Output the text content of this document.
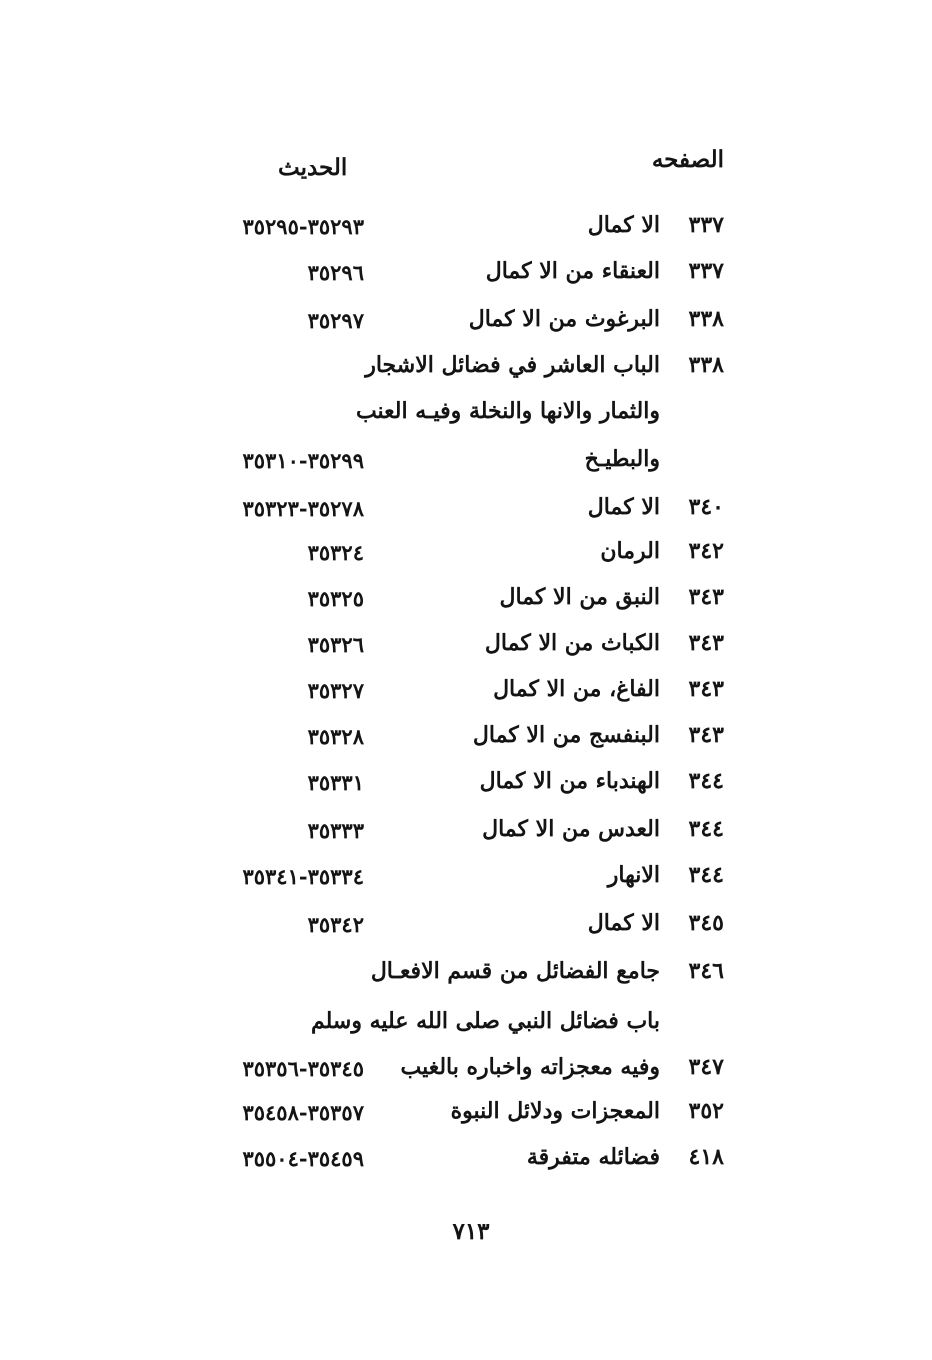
الصفحه
الحديث
٣٣٧
الا كمال
٣٥٢٩٣-٣٥٢٩٥
٣٣٧
العنقاء من الا كمال
٣٥٢٩٦
٣٣٨
البرغوث من الا كمال
٣٥٢٩٧
٣٣٨
الباب العاشر في فضائل الاشجار
والثمار والانها والنخلة وفيـه العنب
والبطيـخ
٣٥٢٩٩-٣٥٣١٠
٣٤٠
الا كمال
٣٥٢٧٨-٣٥٣٢٣
٣٤٢
الرمان
٣٥٣٢٤
٣٤٣
النبق من الا كمال
٣٥٣٢٥
٣٤٣
الكباث من الا كمال
٣٥٣٢٦
٣٤٣
الفاغ، من الا كمال
٣٥٣٢٧
٣٤٣
البنفسج من الا كمال
٣٥٣٢٨
٣٤٤
الهندباء من الا كمال
٣٥٣٣١
٣٤٤
العدس من الا كمال
٣٥٣٣٣
٣٤٤
الانهار
٣٥٣٣٤-٣٥٣٤١
٣٤٥
الا كمال
٣٥٣٤٢
٣٤٦
جامع الفضائل من قسم الافعـال
باب فضائل النبي صلى الله عليه وسلم
٣٤٧
وفيه معجزاته واخباره بالغيب
٣٥٣٤٥-٣٥٣٥٦
٣٥٢
المعجزات ودلائل النبوة
٣٥٣٥٧-٣٥٤٥٨
٤١٨
فضائله متفرقة
٣٥٤٥٩-٣٥٥٠٤
٧١٣
